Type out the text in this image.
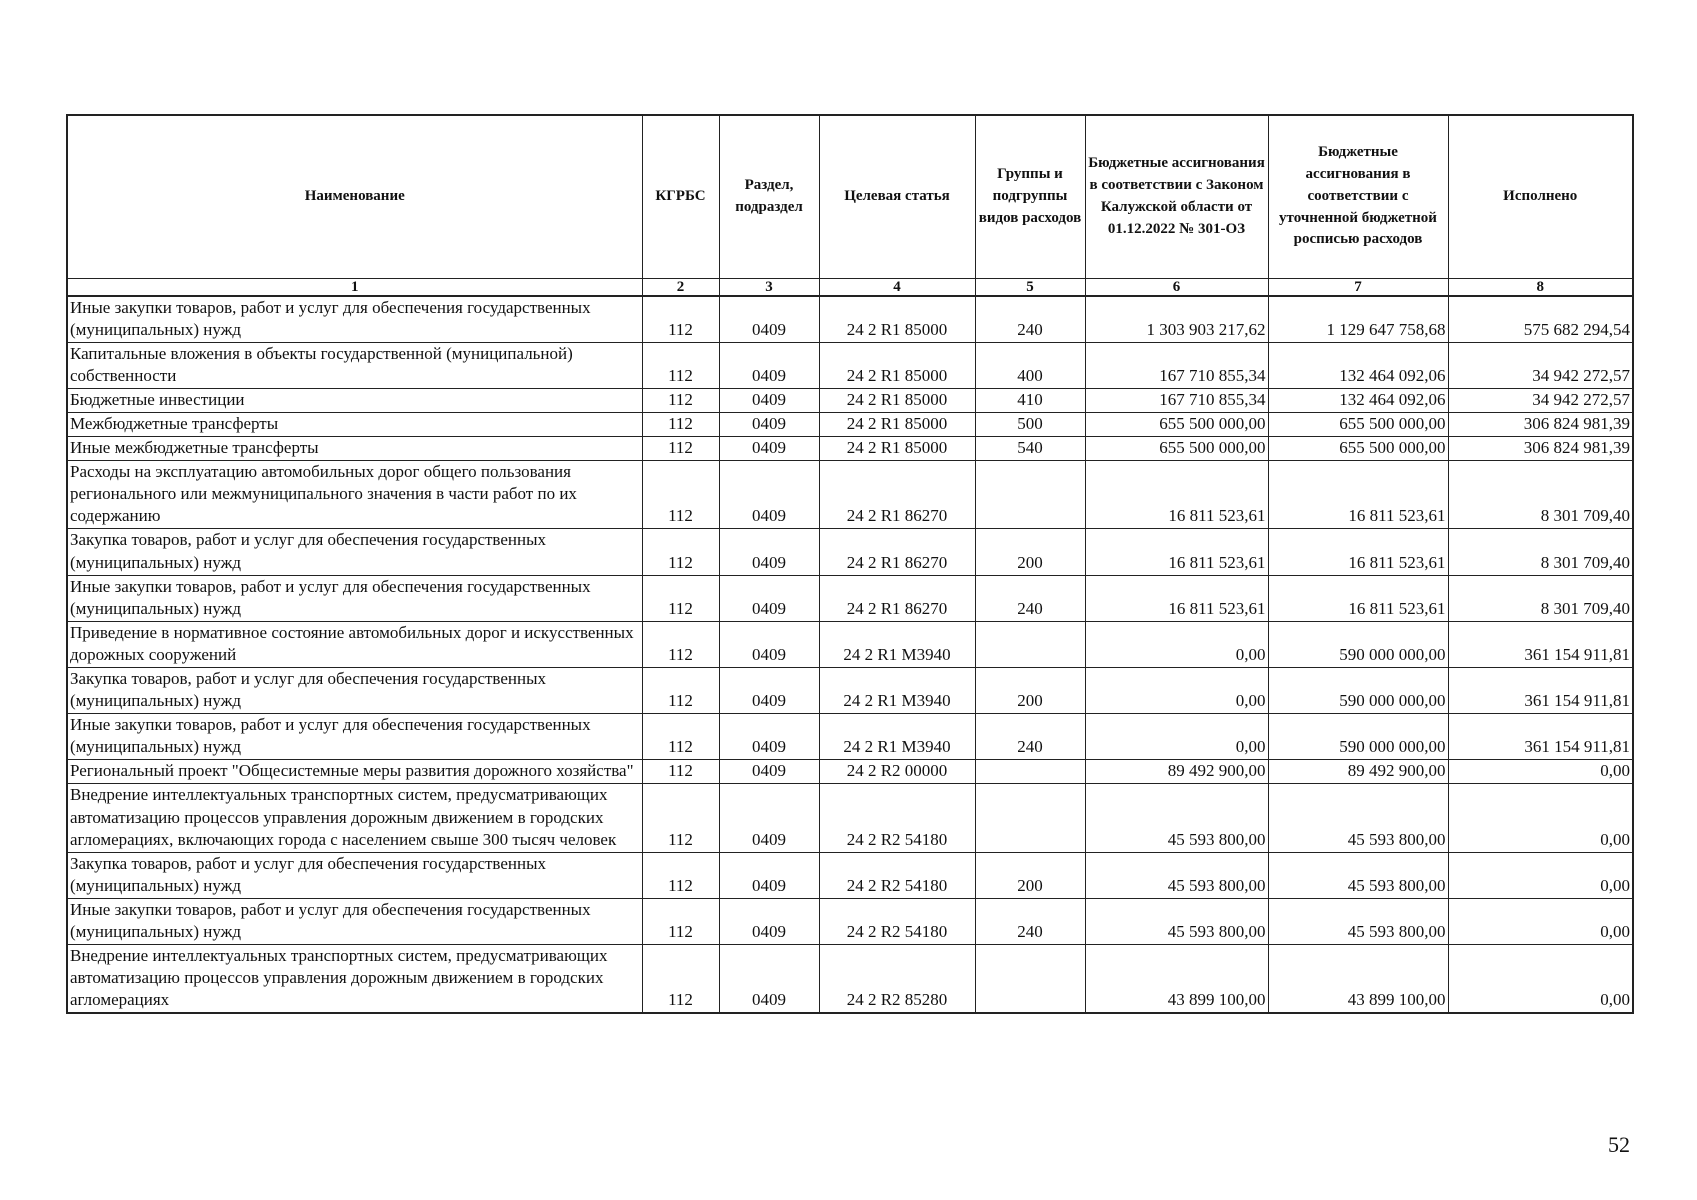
Наименование	КГРБС	Раздел, подраздел	Целевая статья	Группы и подгруппы видов расходов	Бюджетные ассигнования в соответствии с Законом Калужской области от 01.12.2022 № 301-ОЗ	Бюджетные ассигнования в соответствии с уточненной бюджетной росписью расходов	Исполнено
1	2	3	4	5	6	7	8
Иные закупки товаров, работ и услуг для обеспечения государственных (муниципальных) нужд	112	0409	24 2 R1 85000	240	1 303 903 217,62	1 129 647 758,68	575 682 294,54
Капитальные вложения в объекты государственной (муниципальной) собственности	112	0409	24 2 R1 85000	400	167 710 855,34	132 464 092,06	34 942 272,57
Бюджетные инвестиции	112	0409	24 2 R1 85000	410	167 710 855,34	132 464 092,06	34 942 272,57
Межбюджетные трансферты	112	0409	24 2 R1 85000	500	655 500 000,00	655 500 000,00	306 824 981,39
Иные межбюджетные трансферты	112	0409	24 2 R1 85000	540	655 500 000,00	655 500 000,00	306 824 981,39
Расходы на эксплуатацию автомобильных дорог общего пользования регионального или межмуниципального значения в части работ по их содержанию	112	0409	24 2 R1 86270		16 811 523,61	16 811 523,61	8 301 709,40
Закупка товаров, работ и услуг для обеспечения государственных (муниципальных) нужд	112	0409	24 2 R1 86270	200	16 811 523,61	16 811 523,61	8 301 709,40
Иные закупки товаров, работ и услуг для обеспечения государственных (муниципальных) нужд	112	0409	24 2 R1 86270	240	16 811 523,61	16 811 523,61	8 301 709,40
Приведение в нормативное состояние автомобильных дорог и искусственных дорожных сооружений	112	0409	24 2 R1 M3940		0,00	590 000 000,00	361 154 911,81
Закупка товаров, работ и услуг для обеспечения государственных (муниципальных) нужд	112	0409	24 2 R1 M3940	200	0,00	590 000 000,00	361 154 911,81
Иные закупки товаров, работ и услуг для обеспечения государственных (муниципальных) нужд	112	0409	24 2 R1 M3940	240	0,00	590 000 000,00	361 154 911,81
Региональный проект "Общесистемные меры развития дорожного хозяйства"	112	0409	24 2 R2 00000		89 492 900,00	89 492 900,00	0,00
Внедрение интеллектуальных транспортных систем, предусматривающих автоматизацию процессов управления дорожным движением в городских агломерациях, включающих города с населением свыше 300 тысяч человек	112	0409	24 2 R2 54180		45 593 800,00	45 593 800,00	0,00
Закупка товаров, работ и услуг для обеспечения государственных (муниципальных) нужд	112	0409	24 2 R2 54180	200	45 593 800,00	45 593 800,00	0,00
Иные закупки товаров, работ и услуг для обеспечения государственных (муниципальных) нужд	112	0409	24 2 R2 54180	240	45 593 800,00	45 593 800,00	0,00
Внедрение интеллектуальных транспортных систем, предусматривающих автоматизацию процессов управления дорожным движением в городских агломерациях	112	0409	24 2 R2 85280		43 899 100,00	43 899 100,00	0,00
52
